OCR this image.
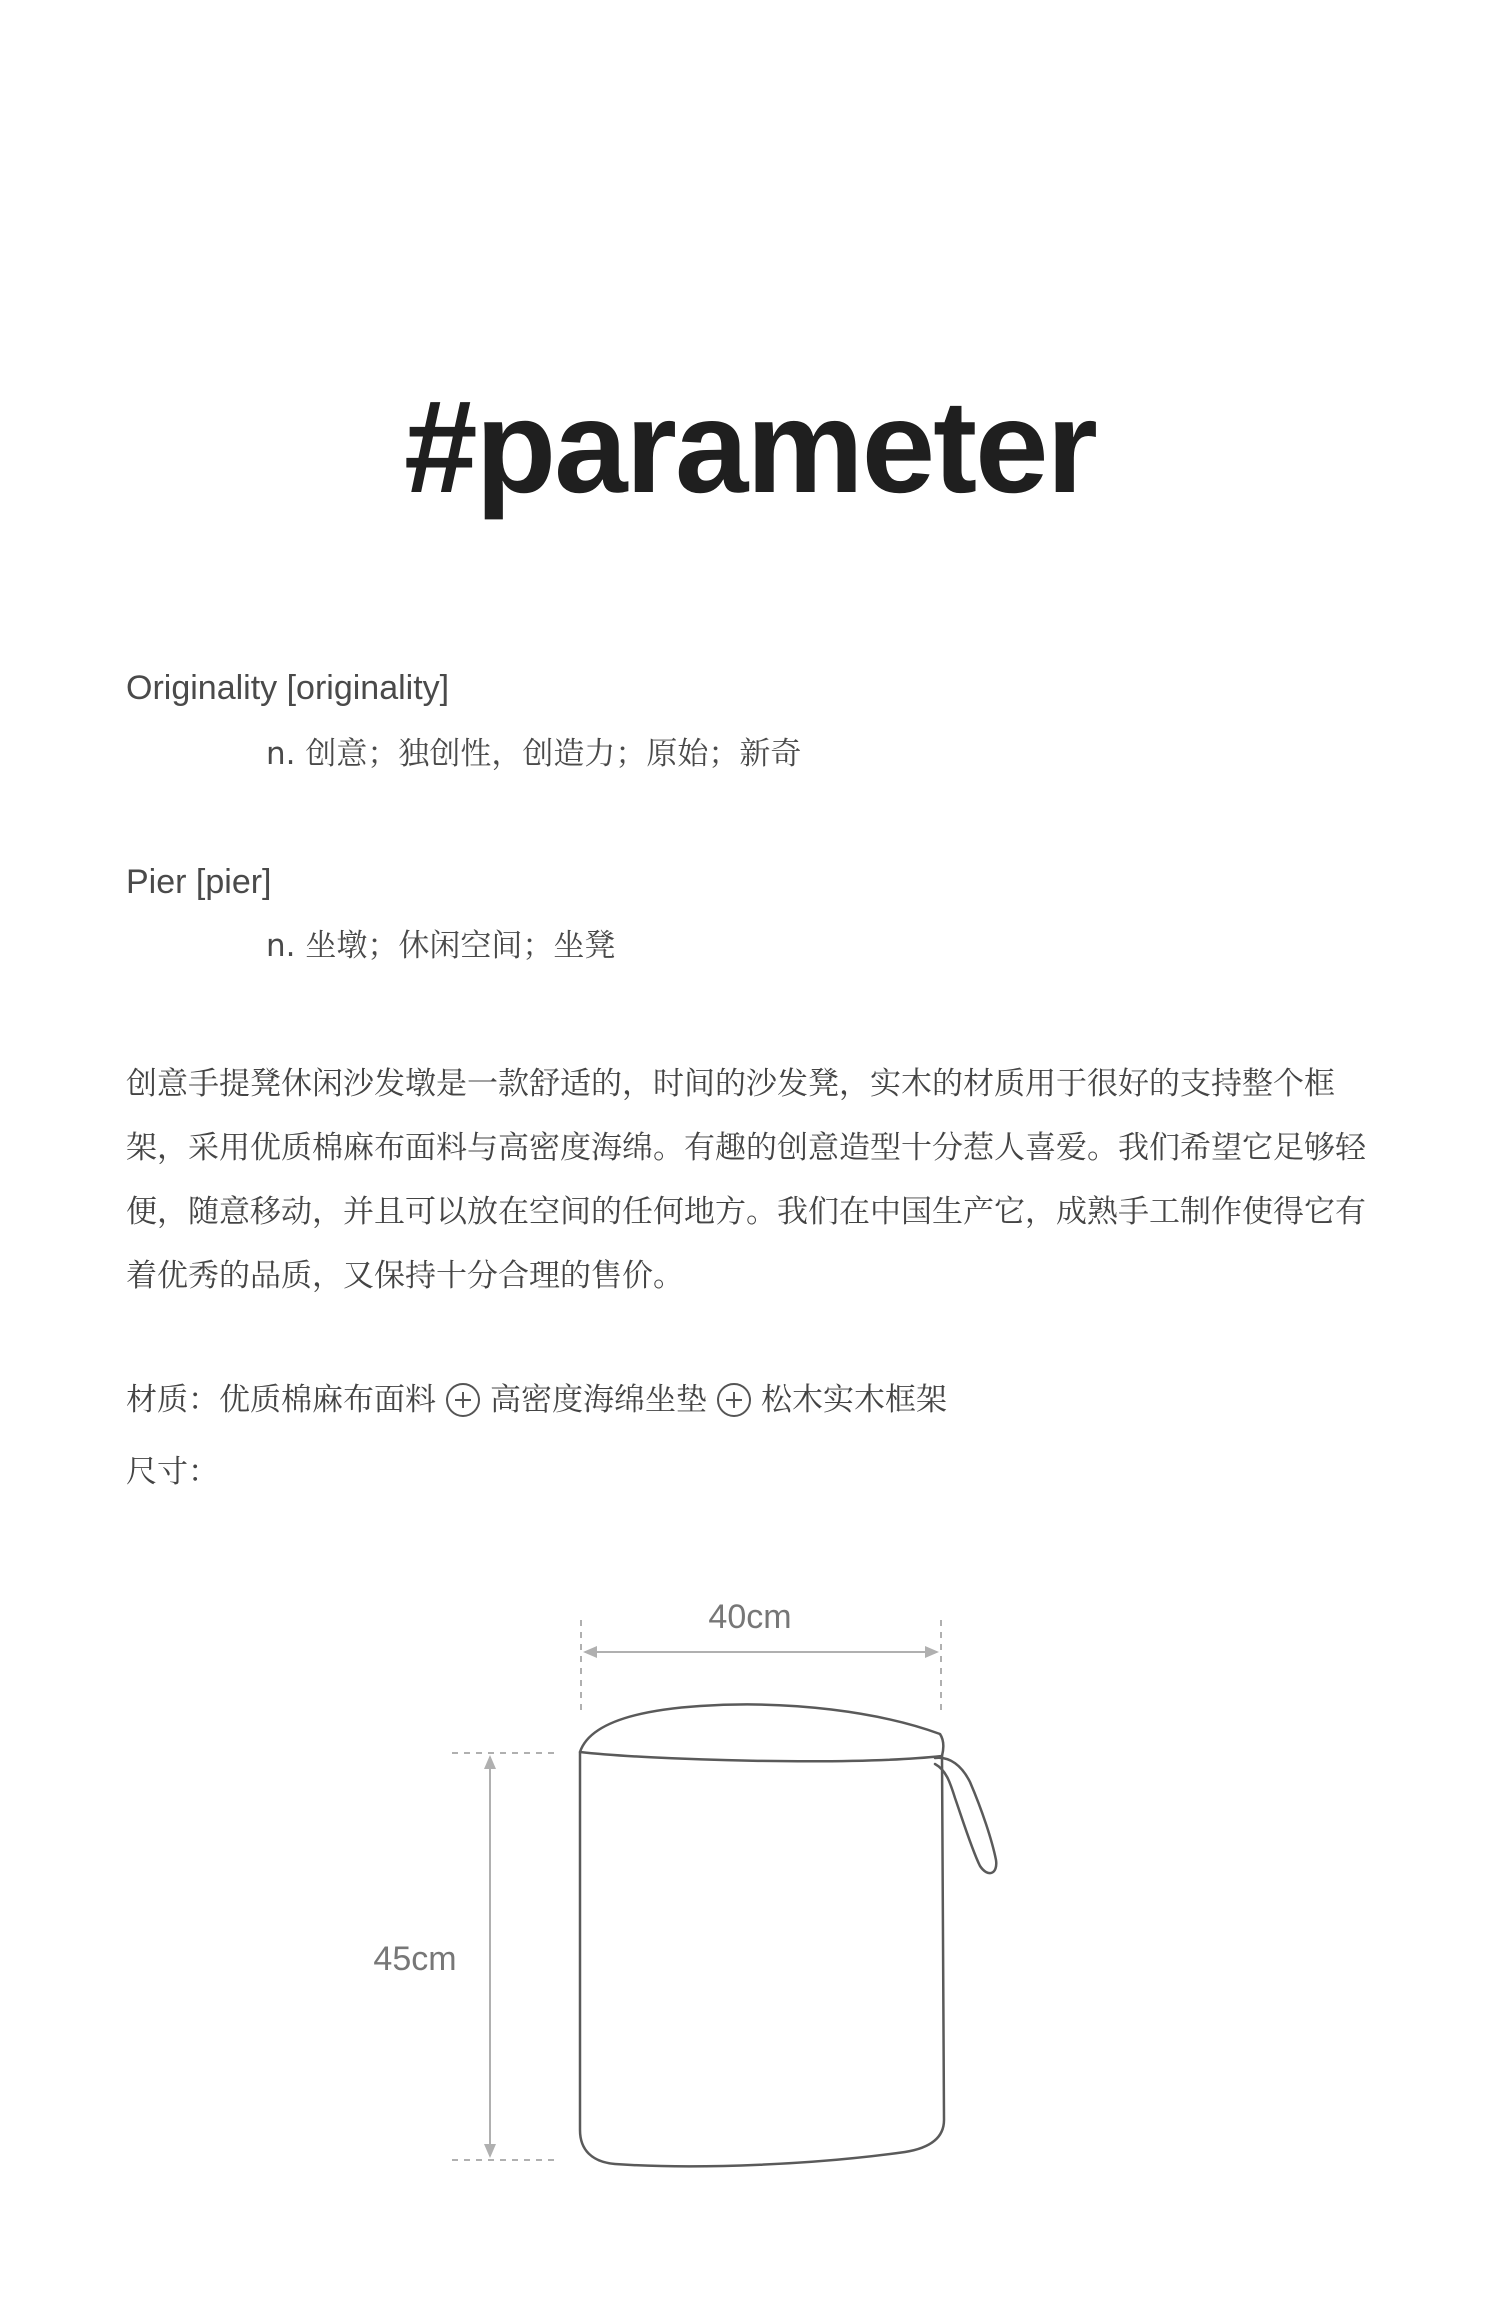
#parameter
Originality [originality]
n. 创意；独创性，创造力；原始；新奇
Pier [pier]
n. 坐墩；休闲空间；坐凳

创意手提凳休闲沙发墩是一款舒适的，时间的沙发凳，实木的材质用于很好的支持整个框架，采用优质棉麻布面料与高密度海绵。有趣的创意造型十分惹人喜爱。我们希望它足够轻便，随意移动，并且可以放在空间的任何地方。我们在中国生产它，成熟手工制作使得它有着优秀的品质，又保持十分合理的售价。

材质： 优质棉麻布面料 高密度海绵坐垫 松木实木框架
尺寸：
40cm
45cm
